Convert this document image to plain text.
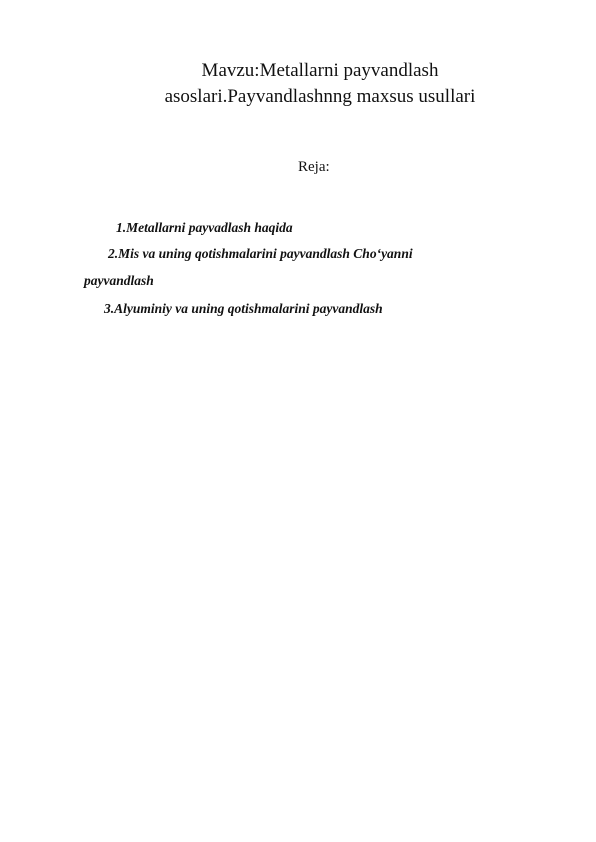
Mavzu:Metallarni payvandlash
asoslari.Payvandlashnng maxsus usullari
Reja:
1.Metallarni payvadlash haqida
2.Mis va uning qotishmalarini payvandlash Cho‘yanni
payvandlash
3.Alyuminiy va uning qotishmalarini payvandlash
